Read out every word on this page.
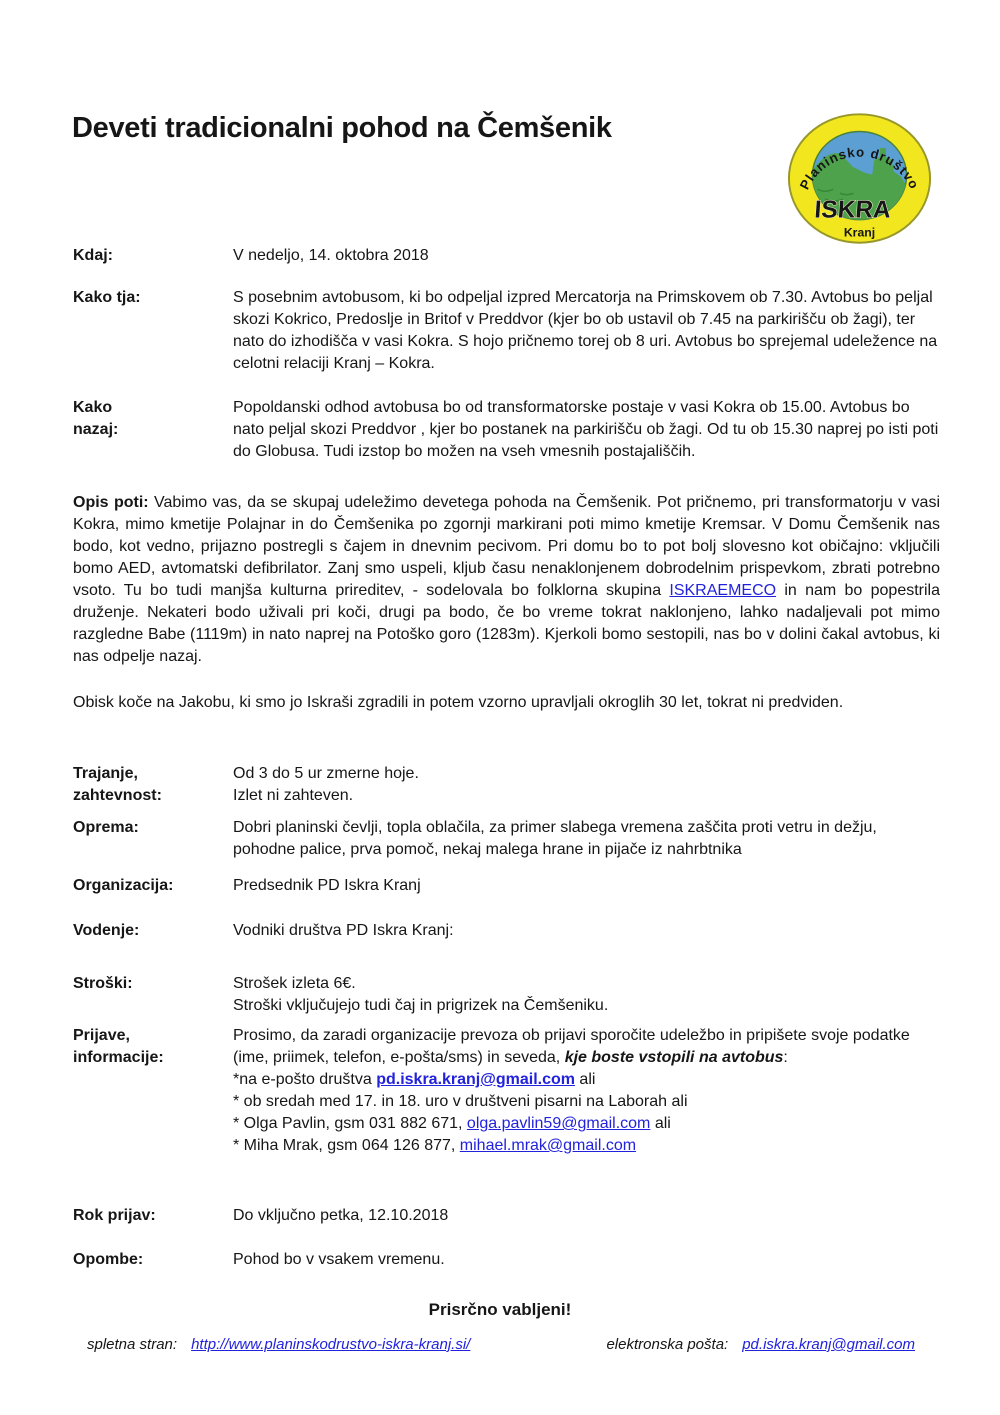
Deveti tradicionalni pohod na Čemšenik
Planinsko društvo
ISKRA
Kranj
Kdaj:	V nedeljo, 14. oktobra 2018
Kako tja:	S posebnim avtobusom, ki bo odpeljal izpred Mercatorja na Primskovem ob 7.30. Avtobus bo peljal skozi Kokrico, Predoslje in Britof v Preddvor (kjer bo ob ustavil ob 7.45 na parkirišču ob žagi), ter nato do izhodišča v vasi Kokra. S hojo pričnemo torej ob 8 uri. Avtobus bo sprejemal udeležence na celotni relaciji Kranj – Kokra.
Kako
nazaj:
Popoldanski odhod avtobusa bo od transformatorske postaje v vasi Kokra ob 15.00. Avtobus bo nato peljal skozi Preddvor , kjer bo postanek na parkirišču ob žagi. Od tu ob 15.30 naprej po isti poti do Globusa. Tudi izstop bo možen na vseh vmesnih postajališčih.

Opis poti: Vabimo vas, da se skupaj udeležimo devetega pohoda na Čemšenik. Pot pričnemo, pri transformatorju v vasi Kokra, mimo kmetije Polajnar in do Čemšenika po zgornji markirani poti mimo kmetije Kremsar. V Domu Čemšenik nas bodo, kot vedno, prijazno postregli s čajem in dnevnim pecivom. Pri domu bo to pot bolj slovesno kot običajno: vključili bomo AED, avtomatski defibrilator. Zanj smo uspeli, kljub času nenaklonjenem dobrodelnim prispevkom, zbrati potrebno vsoto. Tu bo tudi manjša kulturna prireditev, - sodelovala bo folklorna skupina ISKRAEMECO in nam bo popestrila druženje. Nekateri bodo uživali pri koči, drugi pa bodo, če bo vreme tokrat naklonjeno, lahko nadaljevali pot mimo razgledne Babe (1119m) in nato naprej na Potoško goro (1283m). Kjerkoli bomo sestopili, nas bo v dolini čakal avtobus, ki nas odpelje nazaj.

Obisk koče na Jakobu, ki smo jo Iskraši zgradili in potem vzorno upravljali okroglih 30 let, tokrat ni predviden.

Trajanje,
zahtevnost:
Od 3 do 5 ur zmerne hoje.
Izlet ni zahteven.
Oprema:	Dobri planinski čevlji, topla oblačila, za primer slabega vremena zaščita proti vetru in dežju, pohodne palice, prva pomoč, nekaj malega hrane in pijače iz nahrbtnika
Organizacija:	Predsednik PD Iskra Kranj
Vodenje:	Vodniki društva PD Iskra Kranj:
Stroški:	Strošek izleta 6€.
Stroški vključujejo tudi čaj in prigrizek na Čemšeniku.
Prijave,
informacije:
Prosimo, da zaradi organizacije prevoza ob prijavi sporočite udeležbo in pripišete svoje podatke (ime, priimek, telefon, e-pošta/sms) in seveda, kje boste vstopili na avtobus:
*na e-pošto društva pd.iskra.kranj@gmail.com ali
* ob sredah med 17. in 18. uro v društveni pisarni na Laborah ali
* Olga Pavlin, gsm 031 882 671, olga.pavlin59@gmail.com ali
* Miha Mrak, gsm 064 126 877, mihael.mrak@gmail.com
Rok prijav:	Do vključno petka, 12.10.2018
Opombe:	Pohod bo v vsakem vremenu.
Prisrčno vabljeni!
spletna stran: http://www.planinskodrustvo-iskra-kranj.si/	elektronska pošta: pd.iskra.kranj@gmail.com
